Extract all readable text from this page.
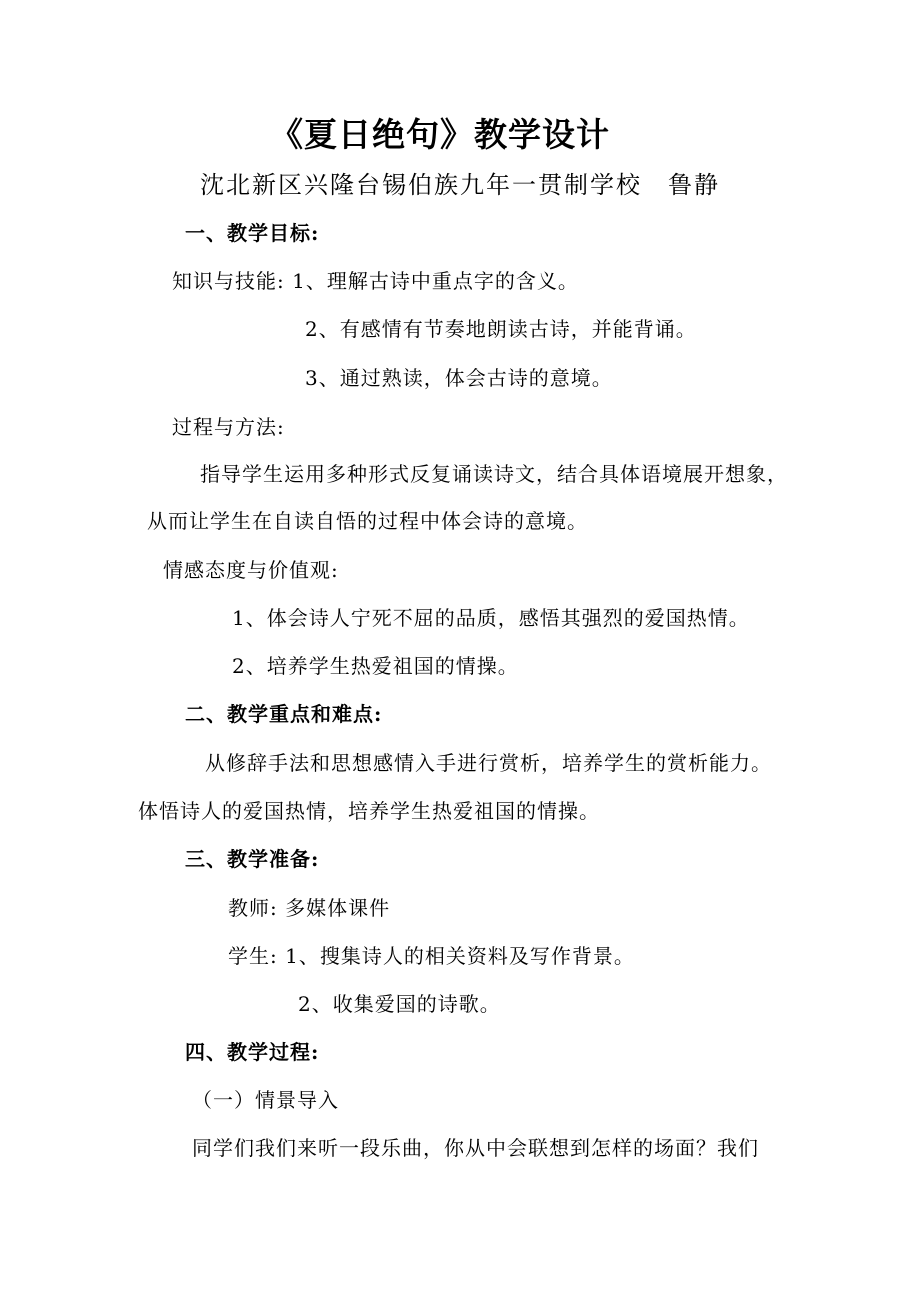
《夏日绝句》教学设计
沈北新区兴隆台锡伯族九年一贯制学校　鲁静
一、教学目标:
知识与技能: 1、理解古诗中重点字的含义。
2、有感情有节奏地朗读古诗，并能背诵。
3、通过熟读，体会古诗的意境。
过程与方法:
指导学生运用多种形式反复诵读诗文，结合具体语境展开想象，
从而让学生在自读自悟的过程中体会诗的意境。
情感态度与价值观:
1、体会诗人宁死不屈的品质，感悟其强烈的爱国热情。
2、培养学生热爱祖国的情操。
二、教学重点和难点:
从修辞手法和思想感情入手进行赏析，培养学生的赏析能力。
体悟诗人的爱国热情，培养学生热爱祖国的情操。
三、教学准备:
教师: 多媒体课件
学生: 1、搜集诗人的相关资料及写作背景。
2、收集爱国的诗歌。
四、教学过程:
（一）情景导入
同学们我们来听一段乐曲，你从中会联想到怎样的场面？我们
